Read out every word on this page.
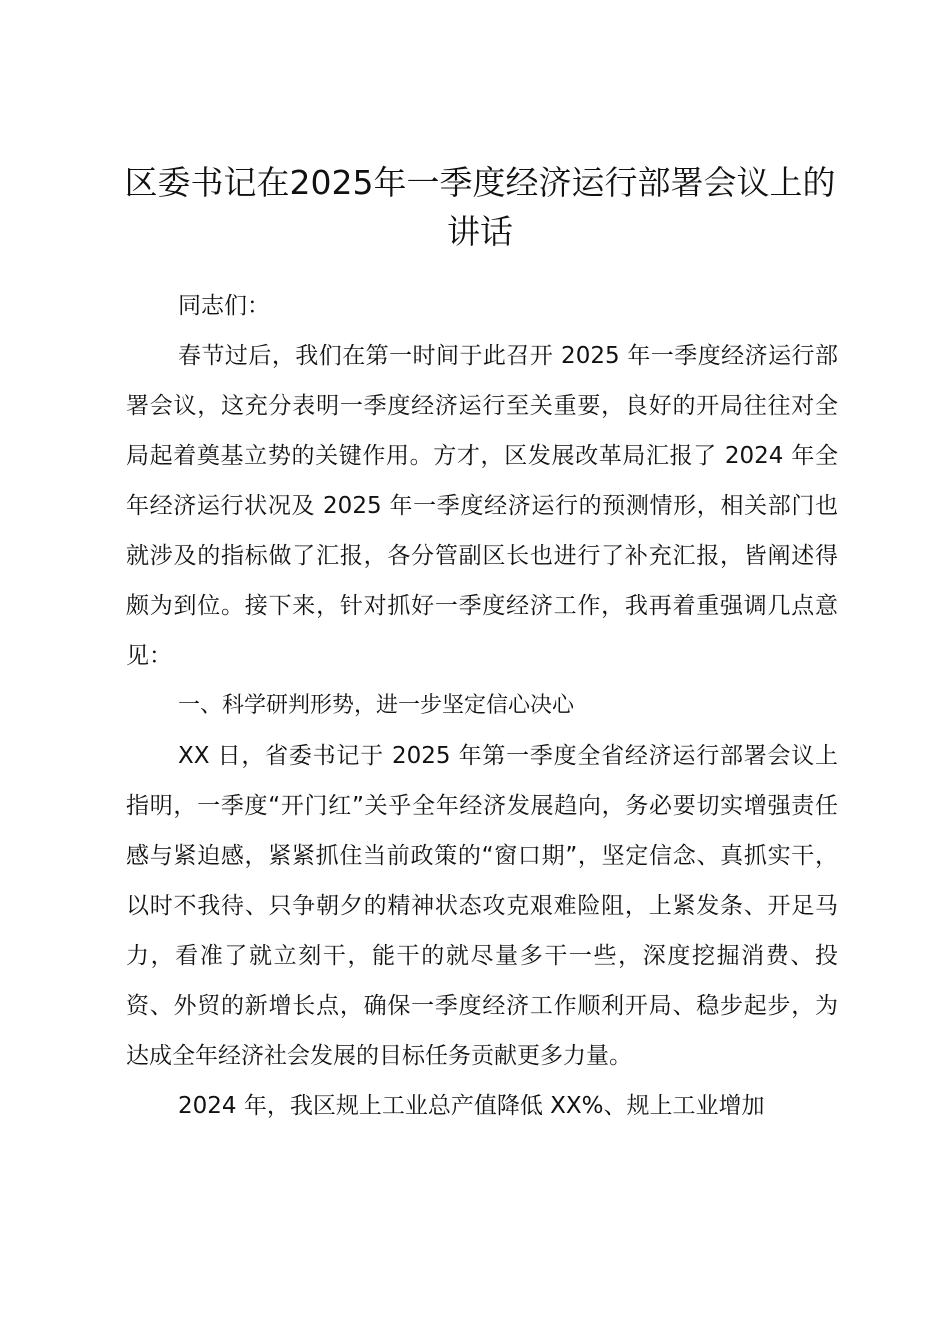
区委书记在2025年一季度经济运行部署会议上的讲话

同志们：

春节过后，我们在第一时间于此召开 2025 年一季度经济运行部署会议，这充分表明一季度经济运行至关重要，良好的开局往往对全局起着奠基立势的关键作用。方才，区发展改革局汇报了 2024 年全年经济运行状况及 2025 年一季度经济运行的预测情形，相关部门也就涉及的指标做了汇报，各分管副区长也进行了补充汇报，皆阐述得颇为到位。接下来，针对抓好一季度经济工作，我再着重强调几点意见：

一、科学研判形势，进一步坚定信心决心

XX 日，省委书记于 2025 年第一季度全省经济运行部署会议上指明，一季度“开门红”关乎全年经济发展趋向，务必要切实增强责任感与紧迫感，紧紧抓住当前政策的“窗口期”，坚定信念、真抓实干，以时不我待、只争朝夕的精神状态攻克艰难险阻，上紧发条、开足马力，看准了就立刻干，能干的就尽量多干一些，深度挖掘消费、投资、外贸的新增长点，确保一季度经济工作顺利开局、稳步起步，为达成全年经济社会发展的目标任务贡献更多力量。

2024 年，我区规上工业总产值降低 XX%、规上工业增加
